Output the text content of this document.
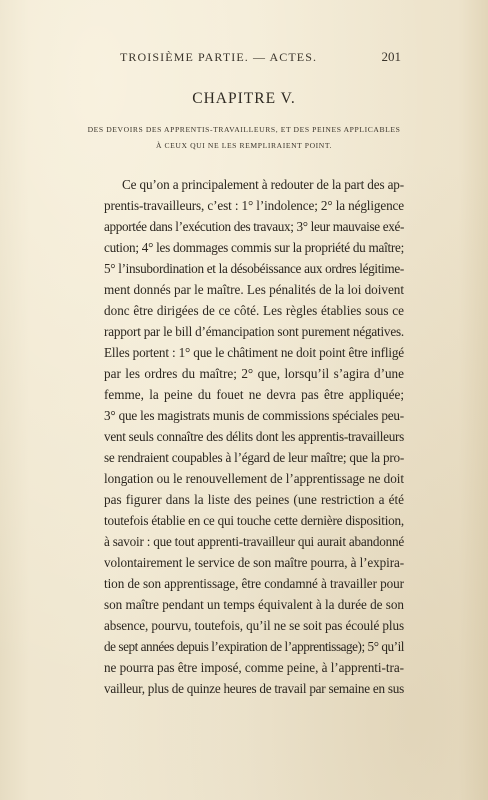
TROISIÈME PARTIE. — ACTES.	201
CHAPITRE V.
DES DEVOIRS DES APPRENTIS-TRAVAILLEURS, ET DES PEINES APPLICABLES
À CEUX QUI NE LES REMPLIRAIENT POINT.
Ce qu’on a principalement à redouter de la part des ap-
prentis-travailleurs, c’est : 1° l’indolence; 2° la négligence
apportée dans l’exécution des travaux; 3° leur mauvaise exé-
cution; 4° les dommages commis sur la propriété du maître;
5° l’insubordination et la désobéissance aux ordres légitime-
ment donnés par le maître. Les pénalités de la loi doivent
donc être dirigées de ce côté. Les règles établies sous ce
rapport par le bill d’émancipation sont purement négatives.
Elles portent : 1° que le châtiment ne doit point être infligé
par les ordres du maître; 2° que, lorsqu’il s’agira d’une
femme, la peine du fouet ne devra pas être appliquée;
3° que les magistrats munis de commissions spéciales peu-
vent seuls connaître des délits dont les apprentis-travailleurs
se rendraient coupables à l’égard de leur maître; que la pro-
longation ou le renouvellement de l’apprentissage ne doit
pas figurer dans la liste des peines (une restriction a été
toutefois établie en ce qui touche cette dernière disposition,
à savoir : que tout apprenti-travailleur qui aurait abandonné
volontairement le service de son maître pourra, à l’expira-
tion de son apprentissage, être condamné à travailler pour
son maître pendant un temps équivalent à la durée de son
absence, pourvu, toutefois, qu’il ne se soit pas écoulé plus
de sept années depuis l’expiration de l’apprentissage); 5° qu’il
ne pourra pas être imposé, comme peine, à l’apprenti-tra-
vailleur, plus de quinze heures de travail par semaine en sus
